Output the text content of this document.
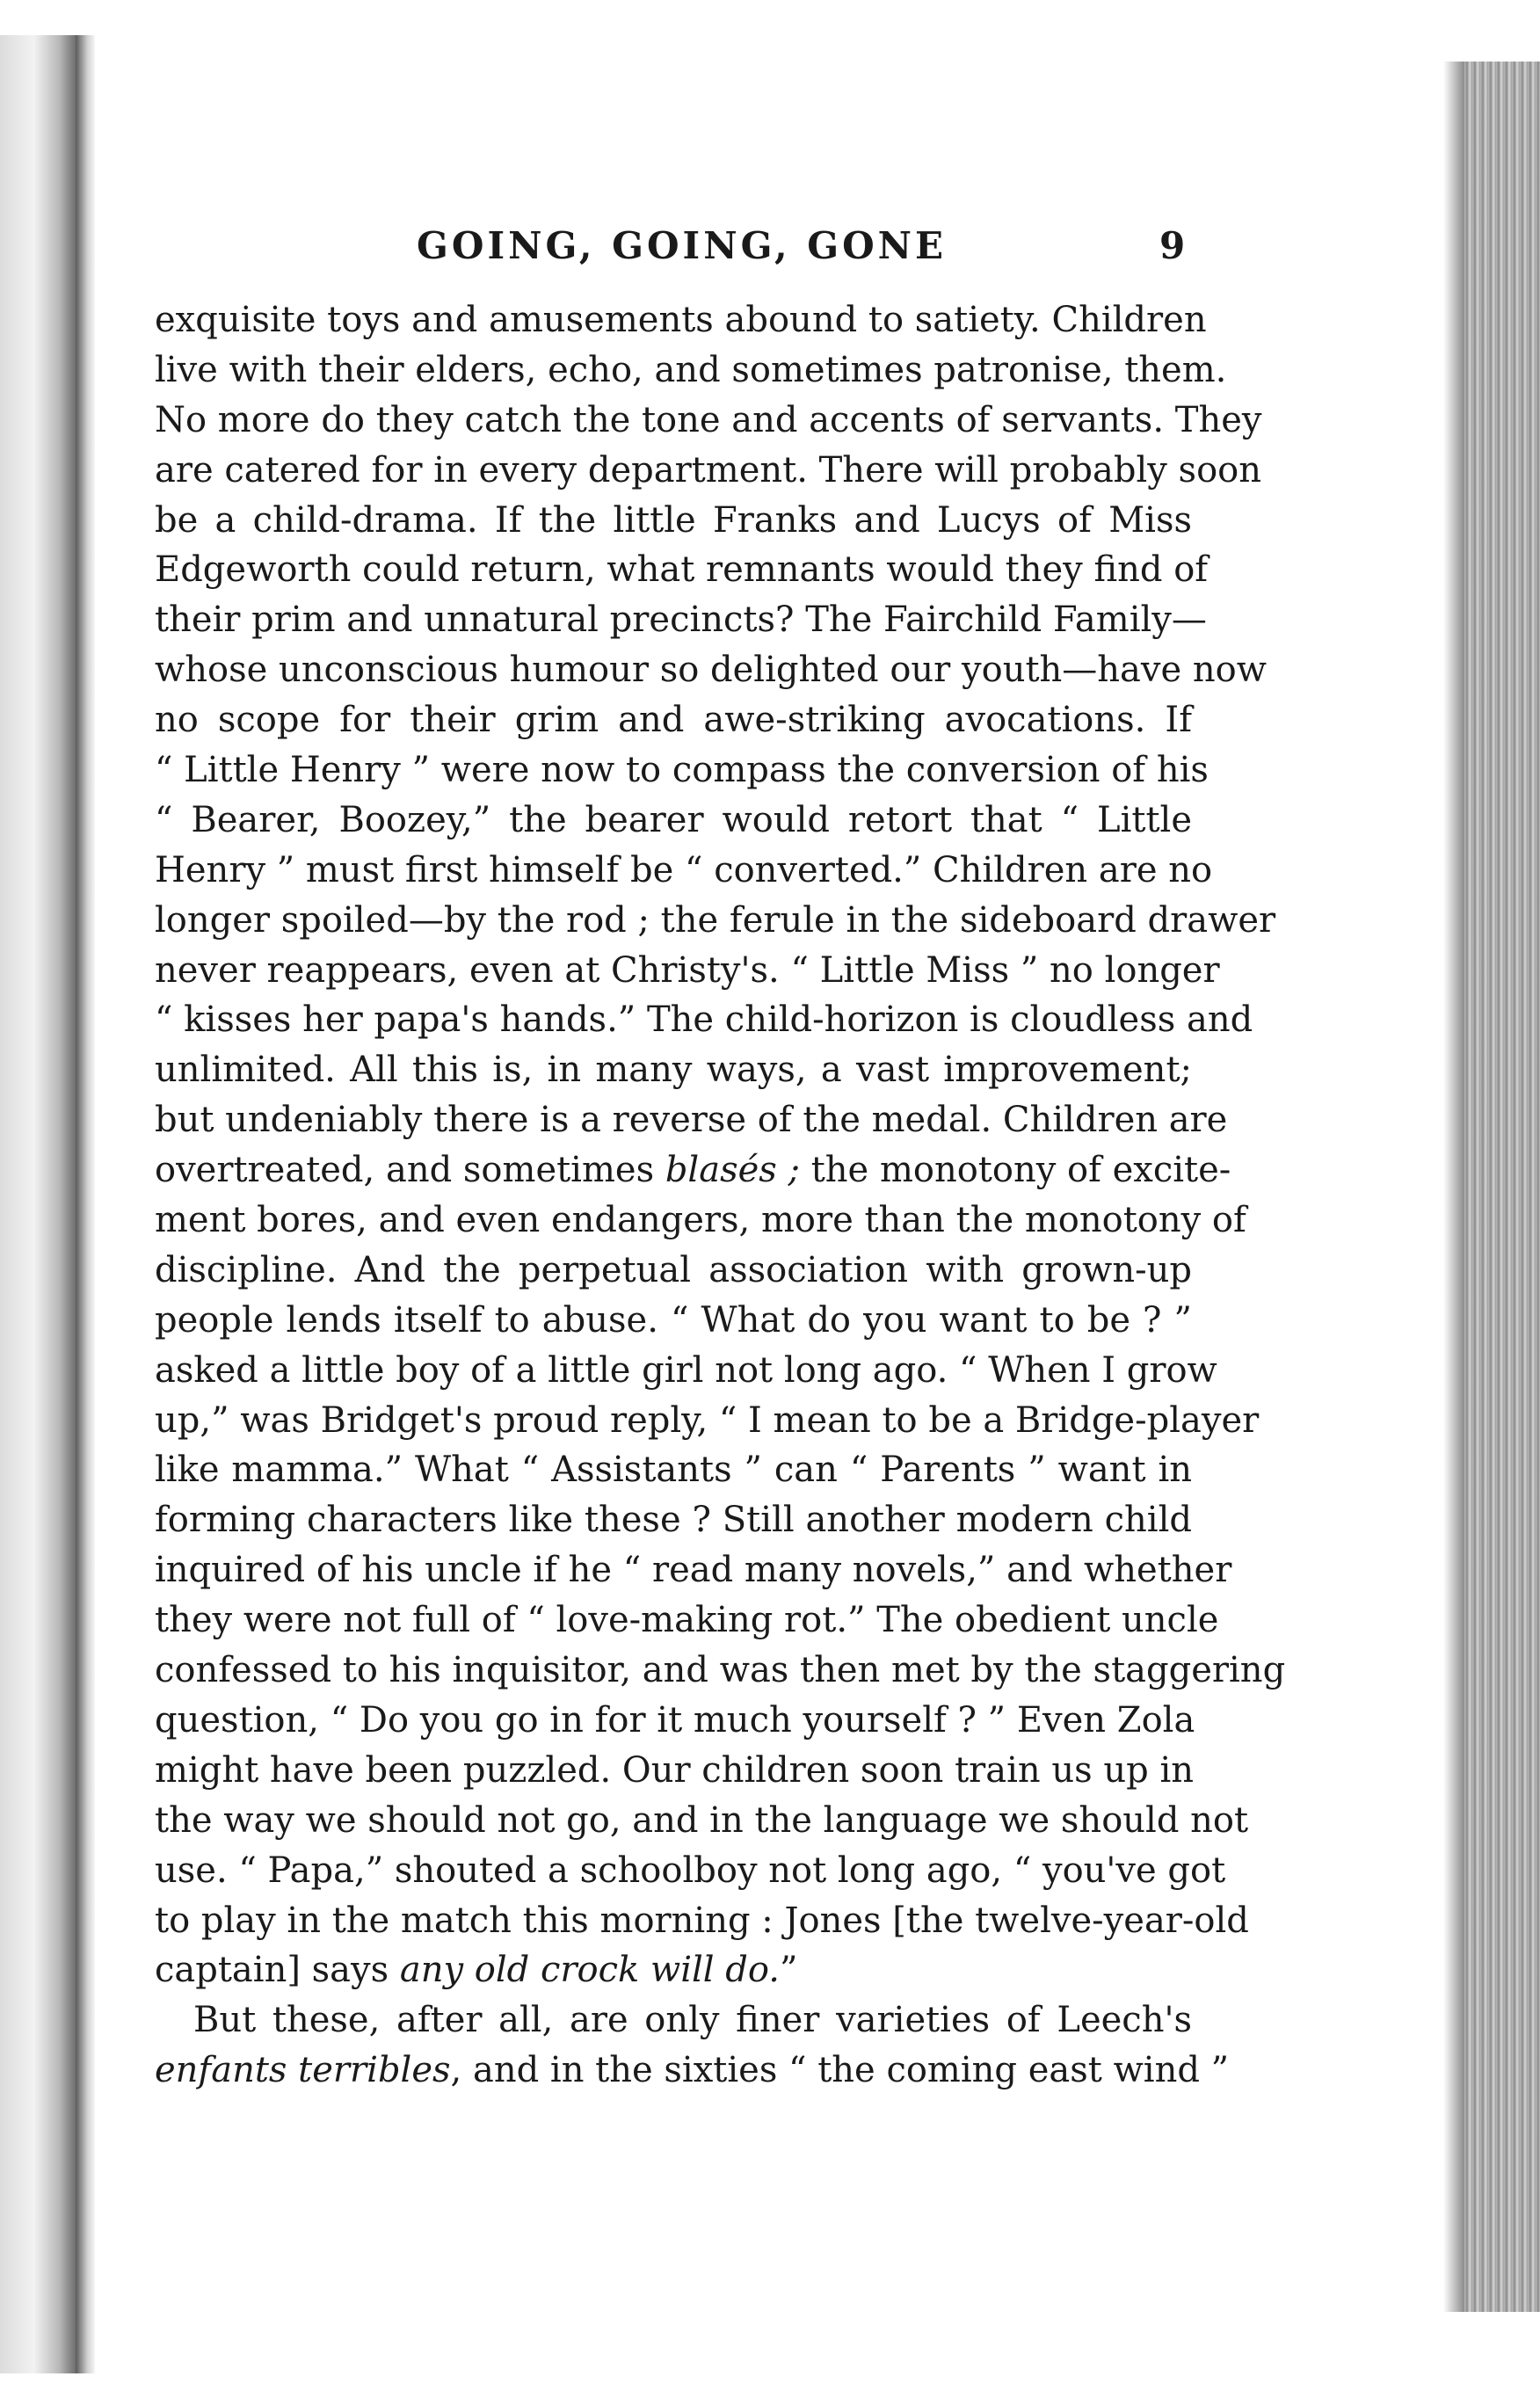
GOING, GOING, GONE	9
exquisite toys and amusements abound to satiety. Children
live with their elders, echo, and sometimes patronise, them.
No more do they catch the tone and accents of servants. They
are catered for in every department. There will probably soon
be a child-drama. If the little Franks and Lucys of Miss
Edgeworth could return, what remnants would they find of
their prim and unnatural precincts? The Fairchild Family—
whose unconscious humour so delighted our youth—have now
no scope for their grim and awe-striking avocations. If
“ Little Henry ” were now to compass the conversion of his
“ Bearer, Boozey,” the bearer would retort that “ Little
Henry ” must first himself be “ converted.” Children are no
longer spoiled—by the rod ; the ferule in the sideboard drawer
never reappears, even at Christy's. “ Little Miss ” no longer
“ kisses her papa's hands.” The child-horizon is cloudless and
unlimited. All this is, in many ways, a vast improvement;
but undeniably there is a reverse of the medal. Children are
overtreated, and sometimes blasés ; the monotony of excite-
ment bores, and even endangers, more than the monotony of
discipline. And the perpetual association with grown-up
people lends itself to abuse. “ What do you want to be ? ”
asked a little boy of a little girl not long ago. “ When I grow
up,” was Bridget's proud reply, “ I mean to be a Bridge-player
like mamma.” What “ Assistants ” can “ Parents ” want in
forming characters like these ? Still another modern child
inquired of his uncle if he “ read many novels,” and whether
they were not full of “ love-making rot.” The obedient uncle
confessed to his inquisitor, and was then met by the staggering
question, “ Do you go in for it much yourself ? ” Even Zola
might have been puzzled. Our children soon train us up in
the way we should not go, and in the language we should not
use. “ Papa,” shouted a schoolboy not long ago, “ you've got
to play in the match this morning : Jones [the twelve-year-old
captain] says any old crock will do.”
But these, after all, are only finer varieties of Leech's
enfants terribles, and in the sixties “ the coming east wind ”
